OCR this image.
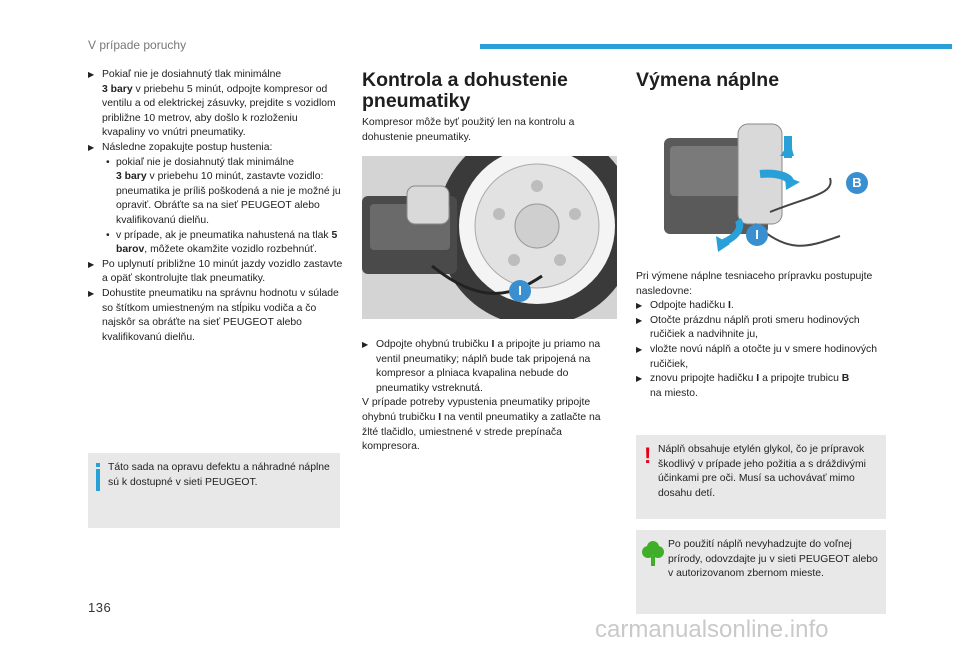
V prípade poruchy

▶ Pokiaľ nie je dosiahnutý tlak minimálne
3 bary v priebehu 5 minút, odpojte kompresor od ventilu a od elektrickej zásuvky, prejdite s vozidlom približne 10 metrov, aby došlo k rozloženiu kvapaliny vo vnútri pneumatiky.

▶ Následne zopakujte postup hustenia:

• pokiaľ nie je dosiahnutý tlak minimálne
3 bary v priebehu 10 minút, zastavte vozidlo: pneumatika je príliš poškodená a nie je možné ju opraviť. Obráťte sa na sieť PEUGEOT alebo kvalifikovanú dielňu.

• v prípade, ak je pneumatika nahustená na tlak 5 barov, môžete okamžite vozidlo rozbehnúť.

▶ Po uplynutí približne 10 minút jazdy vozidlo zastavte a opäť skontrolujte tlak pneumatiky.

▶ Dohustite pneumatiku na správnu hodnotu v súlade so štítkom umiestneným na stĺpiku vodiča a čo najskôr sa obráťte na sieť PEUGEOT alebo kvalifikovanú dielňu.

Táto sada na opravu defektu a náhradné náplne sú k dostupné v sieti PEUGEOT.
Kontrola a dohustenie pneumatiky
Kompresor môže byť použitý len na kontrolu a dohustenie pneumatiky.
I

▶ Odpojte ohybnú trubičku I a pripojte ju priamo na ventil pneumatiky; náplň bude tak pripojená na kompresor a plniaca kvapalina nebude do pneumatiky vstreknutá.

V prípade potreby vypustenia pneumatiky pripojte ohybnú trubičku I na ventil pneumatiky a zatlačte na žlté tlačidlo, umiestnené v strede prepínača kompresora.

Výmena náplne
B
I

Pri výmene náplne tesniaceho prípravku postupujte nasledovne:

▶ Odpojte hadičku I.

▶ Otočte prázdnu náplň proti smeru hodinových ručičiek a nadvihnite ju,

▶ vložte novú náplň a otočte ju v smere hodinových ručičiek,

▶ znovu pripojte hadičku I a pripojte trubicu B
na miesto.

! Náplň obsahuje etylén glykol, čo je prípravok škodlivý v prípade jeho požitia a s dráždivými účinkami pre oči. Musí sa uchovávať mimo dosahu detí.
Po použití náplň nevyhadzujte do voľnej prírody, odovzdajte ju v sieti PEUGEOT alebo v autorizovanom zbernom mieste.
136
carmanualsonline.info
